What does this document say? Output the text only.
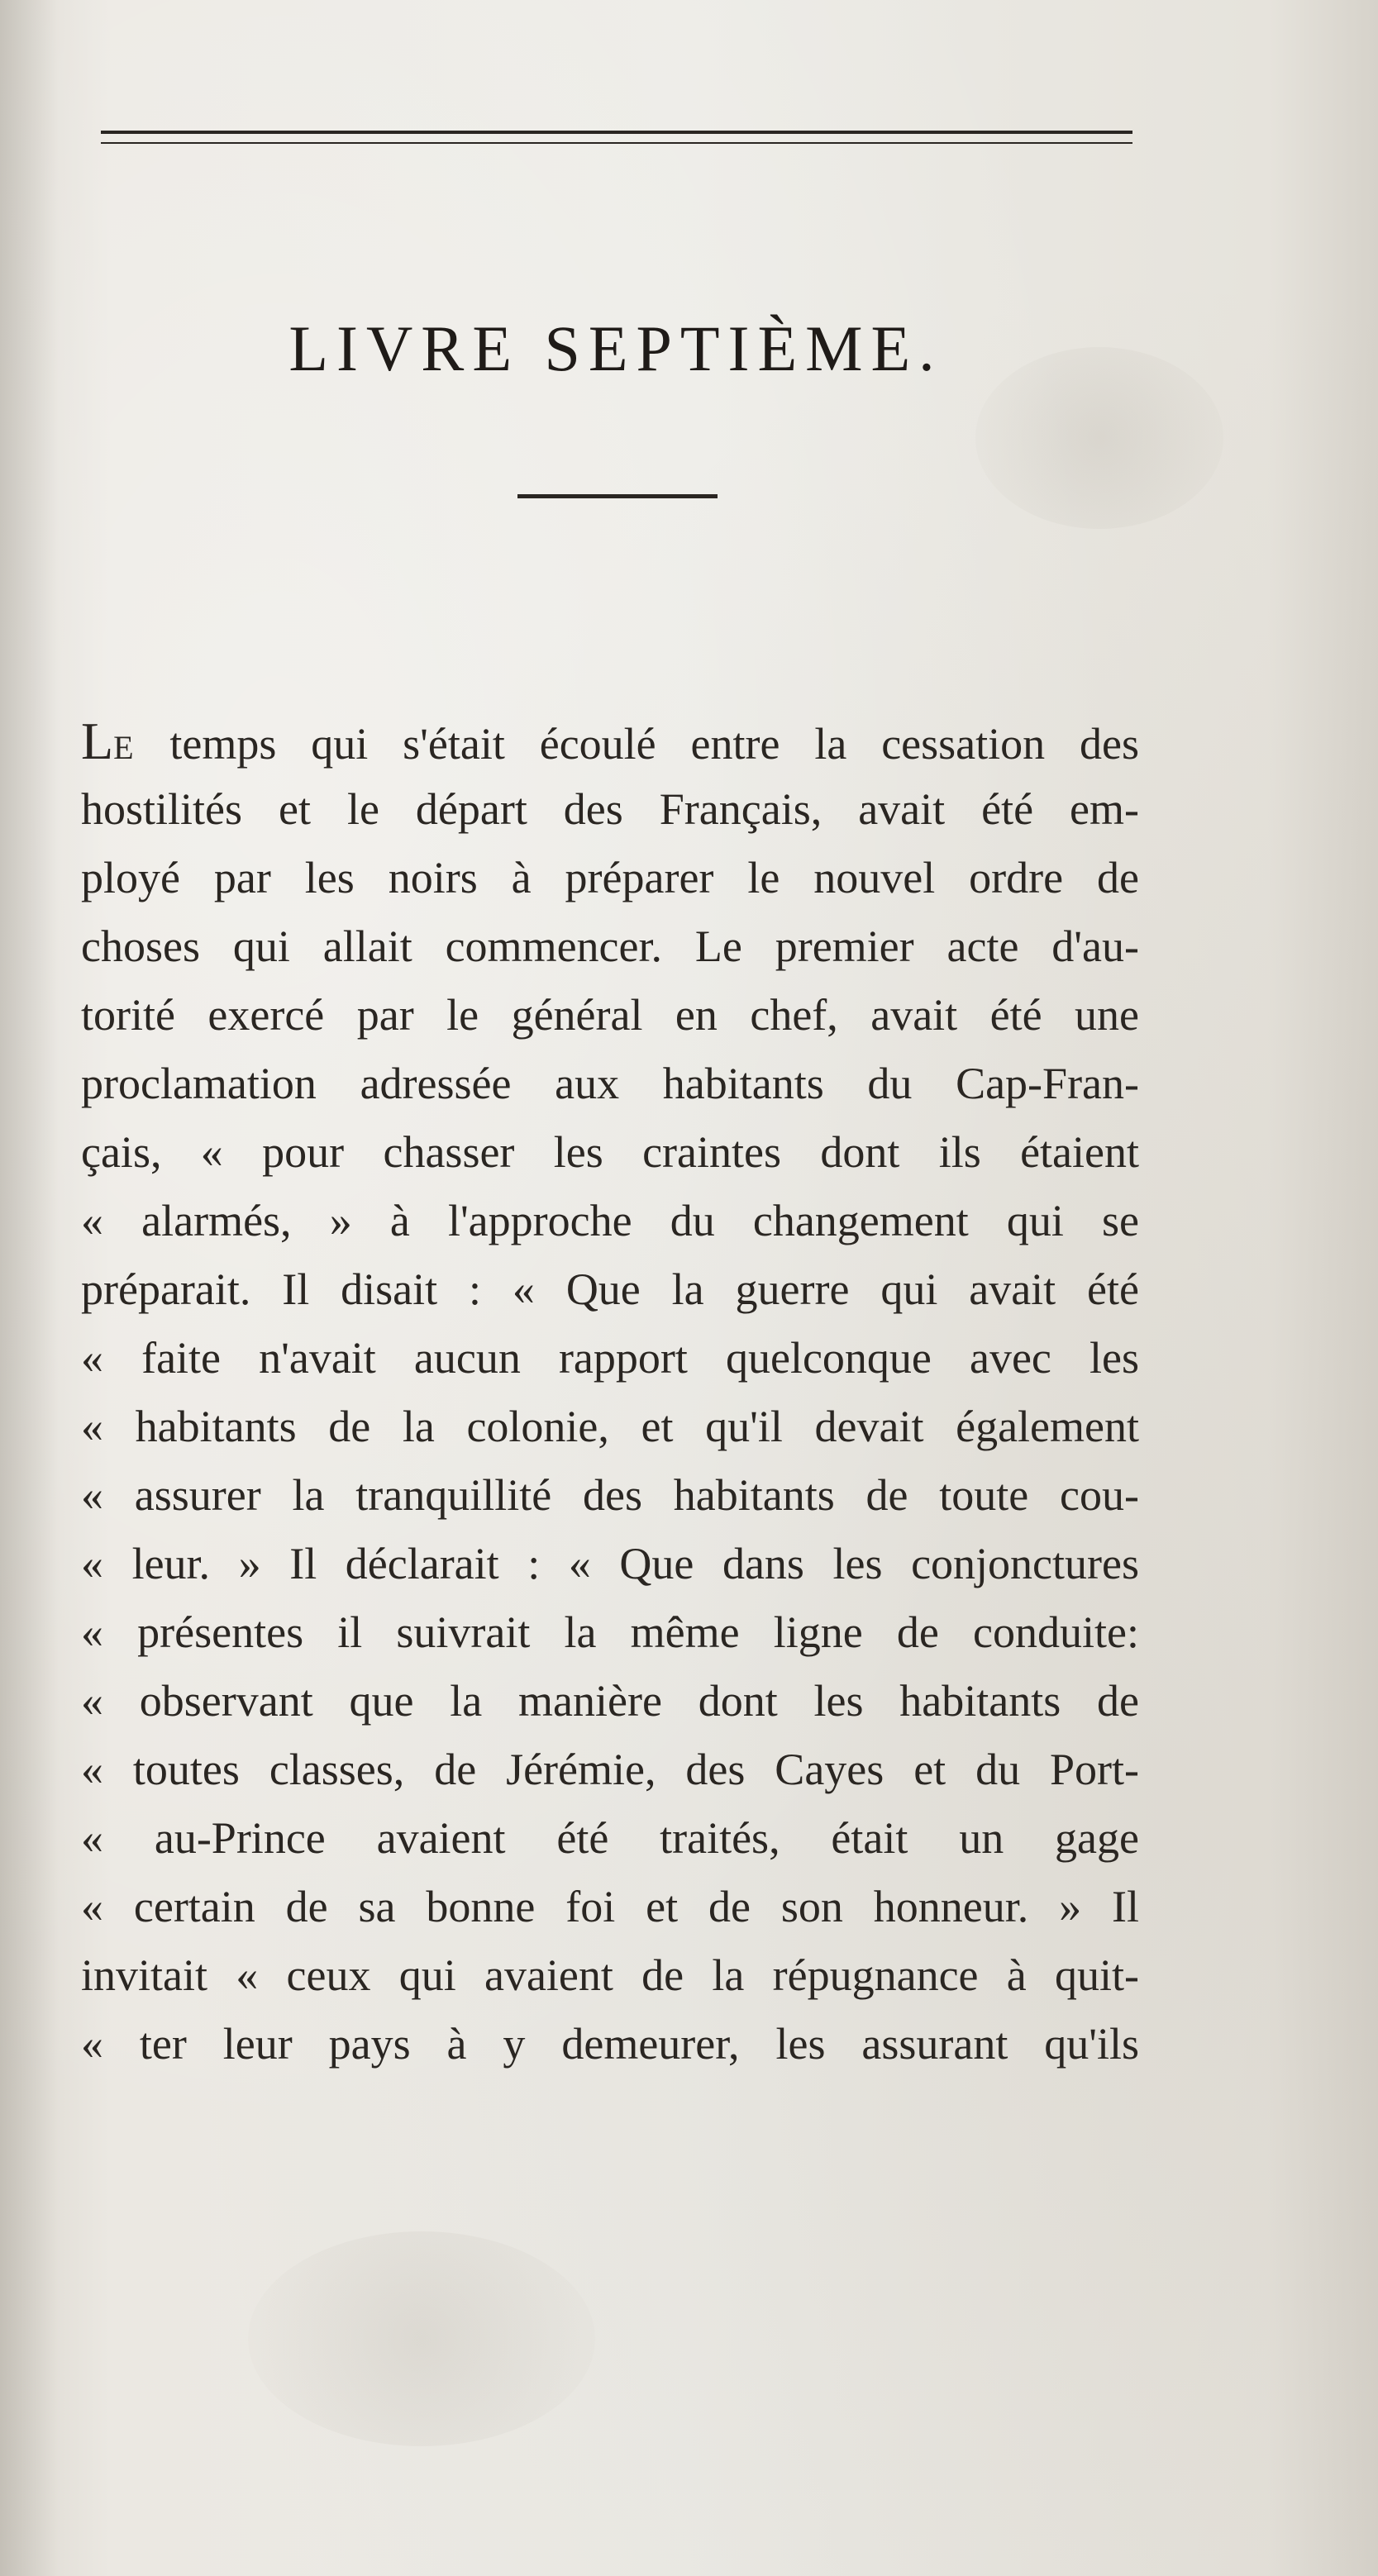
LIVRE SEPTIÈME.
LE temps qui s'était écoulé entre la cessation des
hostilités et le départ des Français, avait été em-
ployé par les noirs à préparer le nouvel ordre de
choses qui allait commencer. Le premier acte d'au-
torité exercé par le général en chef, avait été une
proclamation adressée aux habitants du Cap-Fran-
çais, « pour chasser les craintes dont ils étaient
« alarmés, » à l'approche du changement qui se
préparait. Il disait : « Que la guerre qui avait été
« faite n'avait aucun rapport quelconque avec les
« habitants de la colonie, et qu'il devait également
« assurer la tranquillité des habitants de toute cou-
« leur. » Il déclarait : « Que dans les conjonctures
« présentes il suivrait la même ligne de conduite:
« observant que la manière dont les habitants de
« toutes classes, de Jérémie, des Cayes et du Port-
« au-Prince avaient été traités, était un gage
« certain de sa bonne foi et de son honneur. » Il
invitait « ceux qui avaient de la répugnance à quit-
« ter leur pays à y demeurer, les assurant qu'ils
